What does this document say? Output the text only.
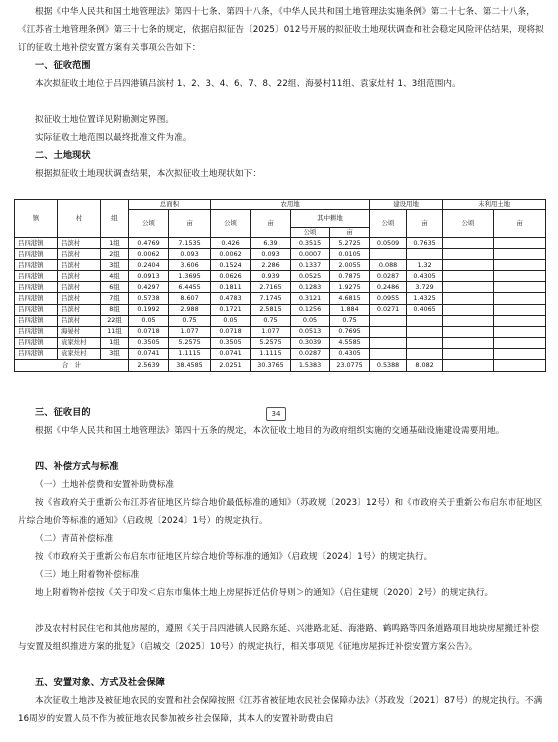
根据《中华人民共和国土地管理法》第四十七条、第四十八条，《中华人民共和国土地管理法实施条例》第二十七条、第二十八条，《江苏省土地管理条例》第三十七条的规定，依据启拟征告〔2025〕012号开展的拟征收土地现状调查和社会稳定风险评估结果，现将拟订的征收土地补偿安置方案有关事项公告如下：

一、征收范围

本次拟征收土地位于吕四港镇吕滨村 1、2、3、4、6、7、8、22组、海晏村11组、袁家灶村 1、3组范围内。

拟征收土地位置详见附勘测定界图。

实际征收土地范围以最终批准文件为准。

二、土地现状

根据拟征收土地现状调查结果，本次拟征收土地现状如下：

镇	村	组	总面积		农用地				建设用地		未利用土地	
			公顷	亩	公顷	亩	其中耕地		公顷	亩	公顷	亩
							公顷	亩				
吕四港镇	吕滨村	1组	0.4769	7.1535	0.426	6.39	0.3515	5.2725	0.0509	0.7635		
吕四港镇	吕滨村	2组	0.0062	0.093	0.0062	0.093	0.0007	0.0105				
吕四港镇	吕滨村	3组	0.2404	3.606	0.1524	2.286	0.1337	2.0055	0.088	1.32		
吕四港镇	吕滨村	4组	0.0913	1.3695	0.0626	0.939	0.0525	0.7875	0.0287	0.4305		
吕四港镇	吕滨村	6组	0.4297	6.4455	0.1811	2.7165	0.1283	1.9275	0.2486	3.729		
吕四港镇	吕滨村	7组	0.5738	8.607	0.4783	7.1745	0.3121	4.6815	0.0955	1.4325		
吕四港镇	吕滨村	8组	0.1992	2.988	0.1721	2.5815	0.1256	1.884	0.0271	0.4065		
吕四港镇	吕滨村	22组	0.05	0.75	0.05	0.75	0.05	0.75				
吕四港镇	海晏村	11组	0.0718	1.077	0.0718	1.077	0.0513	0.7695				
吕四港镇	袁家灶村	1组	0.3505	5.2575	0.3505	5.2575	0.3039	4.5585				
吕四港镇	袁家灶村	3组	0.0741	1.1115	0.0741	1.1115	0.0287	0.4305				
合　计			2.5639	38.4585	2.0251	30.3765	1.5383	23.0775	0.5388	8.082		
34

三、征收目的

根据《中华人民共和国土地管理法》第四十五条的规定，本次征收土地目的为政府组织实施的交通基础设施建设需要用地。

四、补偿方式与标准

（一）土地补偿费和安置补助费标准

按《省政府关于重新公布江苏省征地区片综合地价最低标准的通知》（苏政规〔2023〕12号）和《市政府关于重新公布启东市征地区片综合地价等标准的通知》（启政规〔2024〕1号）的规定执行。

（二）青苗补偿标准

按《市政府关于重新公布启东市征地区片综合地价等标准的通知》（启政规〔2024〕1号）的规定执行。

（三）地上附着物补偿标准

地上附着物补偿按《关于印发＜启东市集体土地上房屋拆迁估价导则＞的通知》（启住建规〔2020〕2号）的规定执行。

涉及农村村民住宅和其他房屋的，遵照《关于吕四港镇人民路东延、兴港路北延、海港路、鹤鸣路等四条道路项目地块房屋搬迁补偿与安置及组织推进方案的批复》（启城交〔2025〕10号）的规定执行，相关事项见《征地房屋拆迁补偿安置方案公告》。

五、安置对象、方式及社会保障

本次征收土地涉及被征地农民的安置和社会保障按照《江苏省被征地农民社会保障办法》（苏政发〔2021〕87号）的规定执行。不满16周岁的安置人员不作为被征地农民参加被乡社会保障，其本人的安置补助费由启
